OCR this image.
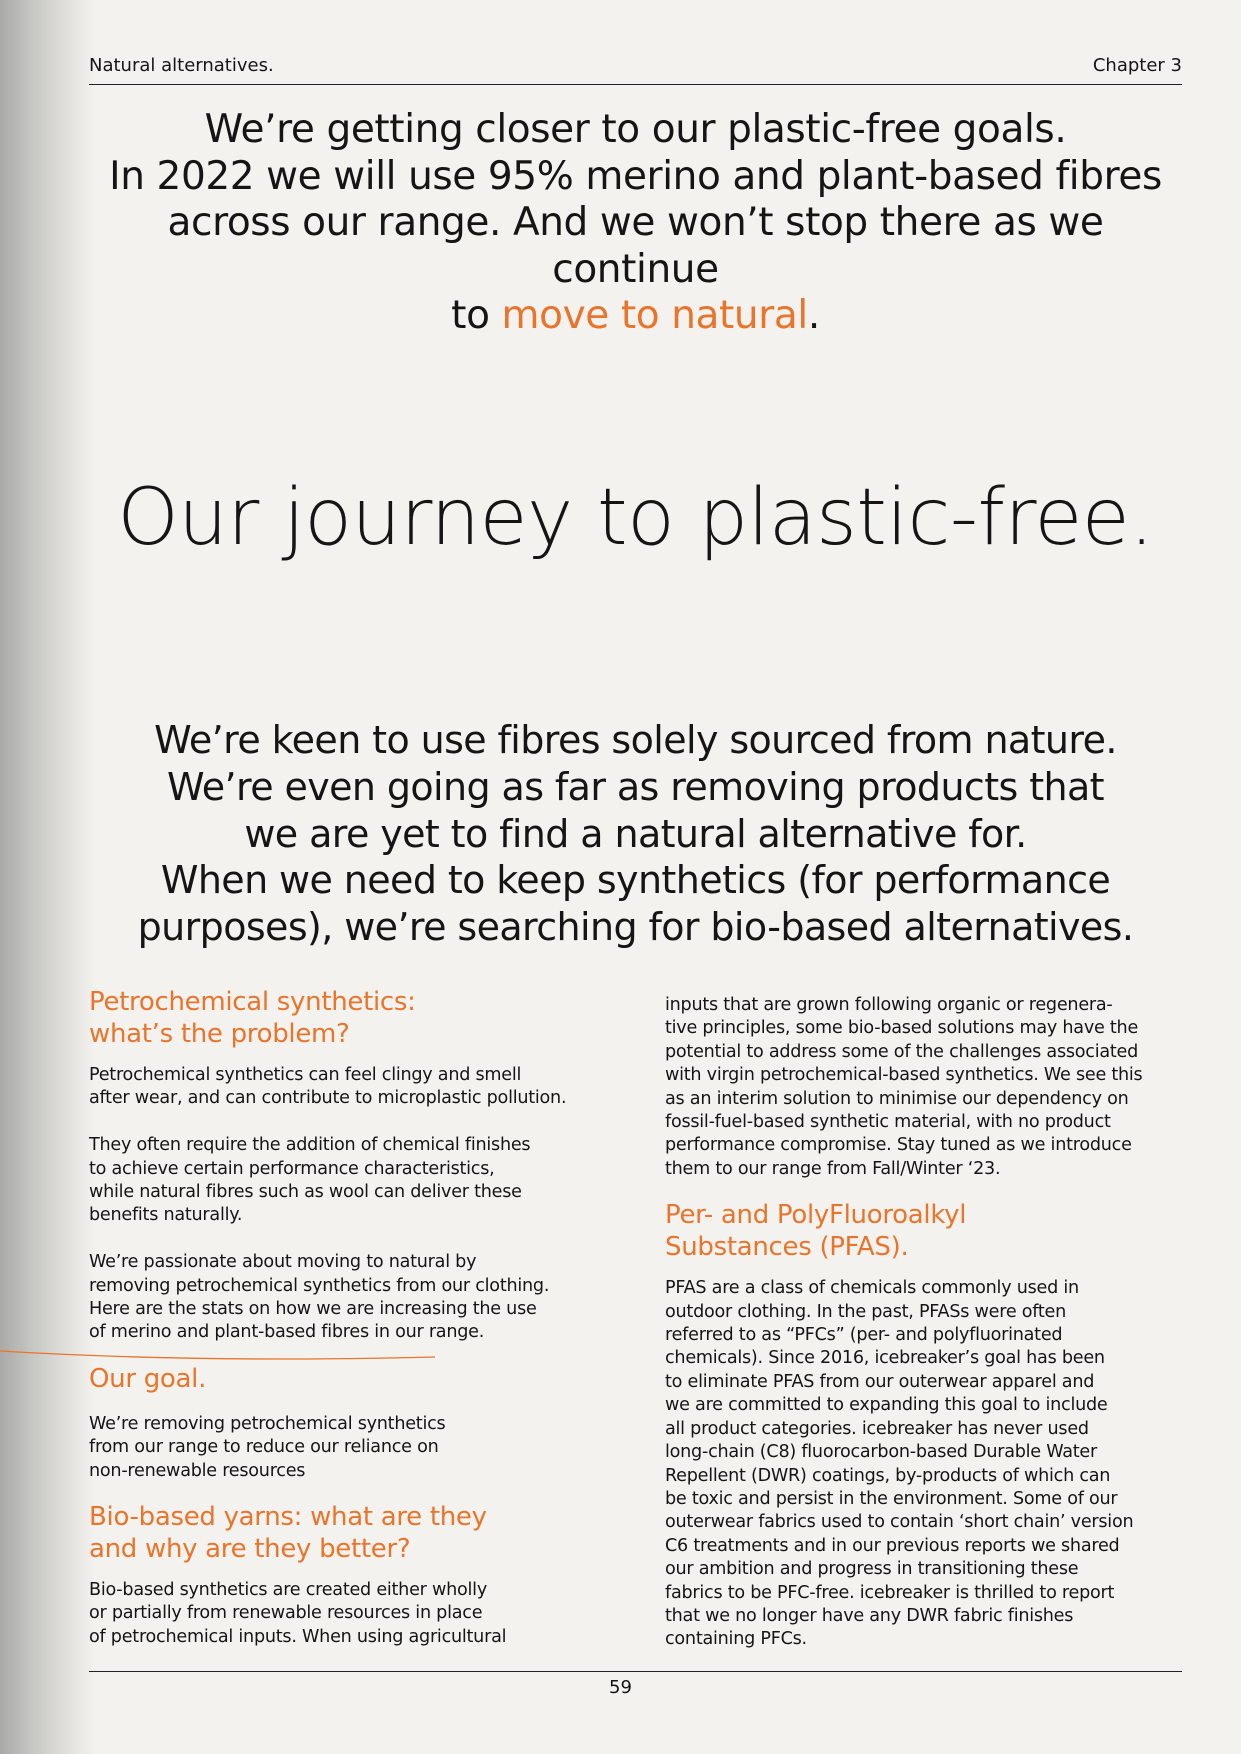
Natural alternatives.	Chapter 3
We’re getting closer to our plastic-free goals.
In 2022 we will use 95% merino and plant-based fibres
across our range. And we won’t stop there as we continue
to move to natural.
Our journey to plastic-free.
We’re keen to use fibres solely sourced from nature.
We’re even going as far as removing products that
we are yet to find a natural alternative for.
When we need to keep synthetics (for performance
purposes), we’re searching for bio-based alternatives.
Petrochemical synthetics:
what’s the problem?

Petrochemical synthetics can feel clingy and smell
after wear, and can contribute to microplastic pollution.

They often require the addition of chemical finishes
to achieve certain performance characteristics,
while natural fibres such as wool can deliver these
benefits naturally.

We’re passionate about moving to natural by
removing petrochemical synthetics from our clothing.
Here are the stats on how we are increasing the use
of merino and plant-based fibres in our range.

Our goal.

We’re removing petrochemical synthetics
from our range to reduce our reliance on
non-renewable resources

Bio-based yarns: what are they
and why are they better?

Bio-based synthetics are created either wholly
or partially from renewable resources in place
of petrochemical inputs. When using agricultural

inputs that are grown following organic or regenera-
tive principles, some bio-based solutions may have the
potential to address some of the challenges associated
with virgin petrochemical-based synthetics. We see this
as an interim solution to minimise our dependency on
fossil-fuel-based synthetic material, with no product
performance compromise. Stay tuned as we introduce
them to our range from Fall/Winter ‘23.

Per- and PolyFluoroalkyl
Substances (PFAS).

PFAS are a class of chemicals commonly used in
outdoor clothing. In the past, PFASs were often
referred to as “PFCs” (per- and polyfluorinated
chemicals). Since 2016, icebreaker’s goal has been
to eliminate PFAS from our outerwear apparel and
we are committed to expanding this goal to include
all product categories. icebreaker has never used
long-chain (C8) fluorocarbon-based Durable Water
Repellent (DWR) coatings, by-products of which can
be toxic and persist in the environment. Some of our
outerwear fabrics used to contain ‘short chain’ version
C6 treatments and in our previous reports we shared
our ambition and progress in transitioning these
fabrics to be PFC-free. icebreaker is thrilled to report
that we no longer have any DWR fabric finishes
containing PFCs.

59
